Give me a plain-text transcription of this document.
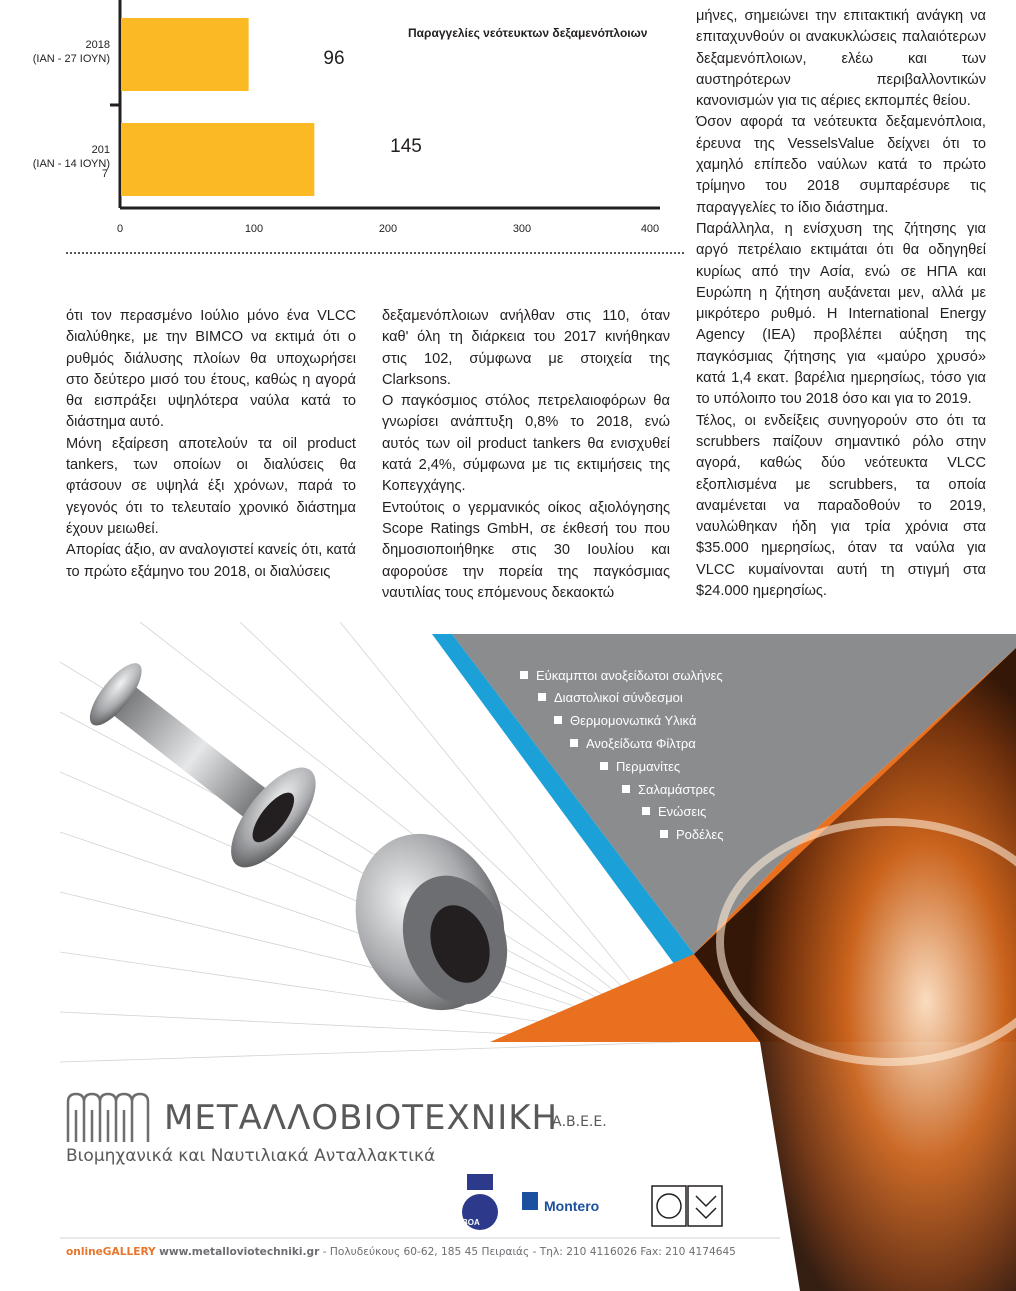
96
2018
(ΙΑΝ - 27 ΙΟΥΝ)
145
201
(ΙΑΝ - 14 ΙΟΥΝ)
7
0	100	200	300	400
Παραγγελίες νεότευκτων δεξαμενόπλοιων

ότι τον περασμένο Ιούλιο μόνο ένα VLCC διαλύθηκε, με την BIMCO να εκτιμά ότι ο ρυθμός διάλυσης πλοίων θα υποχωρήσει στο δεύτερο μισό του έτους, καθώς η αγορά θα εισπράξει υψηλότερα ναύλα κατά το διάστημα αυτό.

Μόνη εξαίρεση αποτελούν τα oil product tankers, των οποίων οι διαλύσεις θα φτάσουν σε υψηλά έξι χρόνων, παρά το γεγονός ότι το τελευταίο χρονικό διάστημα έχουν μειωθεί.

Απορίας άξιο, αν αναλογιστεί κανείς ότι, κατά το πρώτο εξάμηνο του 2018, οι διαλύσεις

δεξαμενόπλοιων ανήλθαν στις 110, όταν καθ' όλη τη διάρκεια του 2017 κινήθηκαν στις 102, σύμφωνα με στοιχεία της Clarksons.

Ο παγκόσμιος στόλος πετρελαιοφόρων θα γνωρίσει ανάπτυξη 0,8% το 2018, ενώ αυτός των oil product tankers θα ενισχυθεί κατά 2,4%, σύμφωνα με τις εκτιμήσεις της Κοπεγχάγης.

Εντούτοις ο γερμανικός οίκος αξιολόγησης Scope Ratings GmbH, σε έκθεσή του που δημοσιοποιήθηκε στις 30 Ιουλίου και αφορούσε την πορεία της παγκόσμιας ναυτιλίας τους επόμενους δεκαοκτώ

μήνες, σημειώνει την επιτακτική ανάγκη να επιταχυνθούν οι ανακυκλώσεις παλαιότερων δεξαμενόπλοιων, ελέω και των αυστηρότερων περιβαλλοντικών κανονισμών για τις αέριες εκπομπές θείου.

Όσον αφορά τα νεότευκτα δεξαμενόπλοια, έρευνα της VesselsValue δείχνει ότι το χαμηλό επίπεδο ναύλων κατά το πρώτο τρίμηνο του 2018 συμπαρέσυρε τις παραγγελίες το ίδιο διάστημα.

Παράλληλα, η ενίσχυση της ζήτησης για αργό πετρέλαιο εκτιμάται ότι θα οδηγηθεί κυρίως από την Ασία, ενώ σε ΗΠΑ και Ευρώπη η ζήτηση αυξάνεται μεν, αλλά με μικρότερο ρυθμό. Η International Energy Agency (IEA) προβλέπει αύξηση της παγκόσμιας ζήτησης για «μαύρο χρυσό» κατά 1,4 εκατ. βαρέλια ημερησίως, τόσο για το υπόλοιπο του 2018 όσο και για το 2019.

Τέλος, οι ενδείξεις συνηγορούν στο ότι τα scrubbers παίζουν σημαντικό ρόλο στην αγορά, καθώς δύο νεότευκτα VLCC εξοπλισμένα με scrubbers, τα οποία αναμένεται να παραδοθούν το 2019, ναυλώθηκαν ήδη για τρία χρόνια στα $35.000 ημερησίως, όταν τα ναύλα για VLCC κυμαίνονται αυτή τη στιγμή στα $24.000 ημερησίως.

Εύκαμπτοι ανοξείδωτοι σωλήνες
Διαστολικοί σύνδεσμοι
Θερμομονωτικά Υλικά
Ανοξείδωτα Φίλτρα
Περμανίτες
Σαλαμάστρες
Ενώσεις
Ροδέλες
ΜΕΤΑΛΛΟΒΙΟΤΕΧΝΙΚΗ
Α.Β.Ε.Ε.
Βιομηχανικά και Ναυτιλιακά Ανταλλακτικά
BOA
Montero
onlineGALLERY www.metalloviotechniki.gr - Πολυδεύκους 60-62, 185 45 Πειραιάς - Τηλ: 210 4116026 Fax: 210 4174645
